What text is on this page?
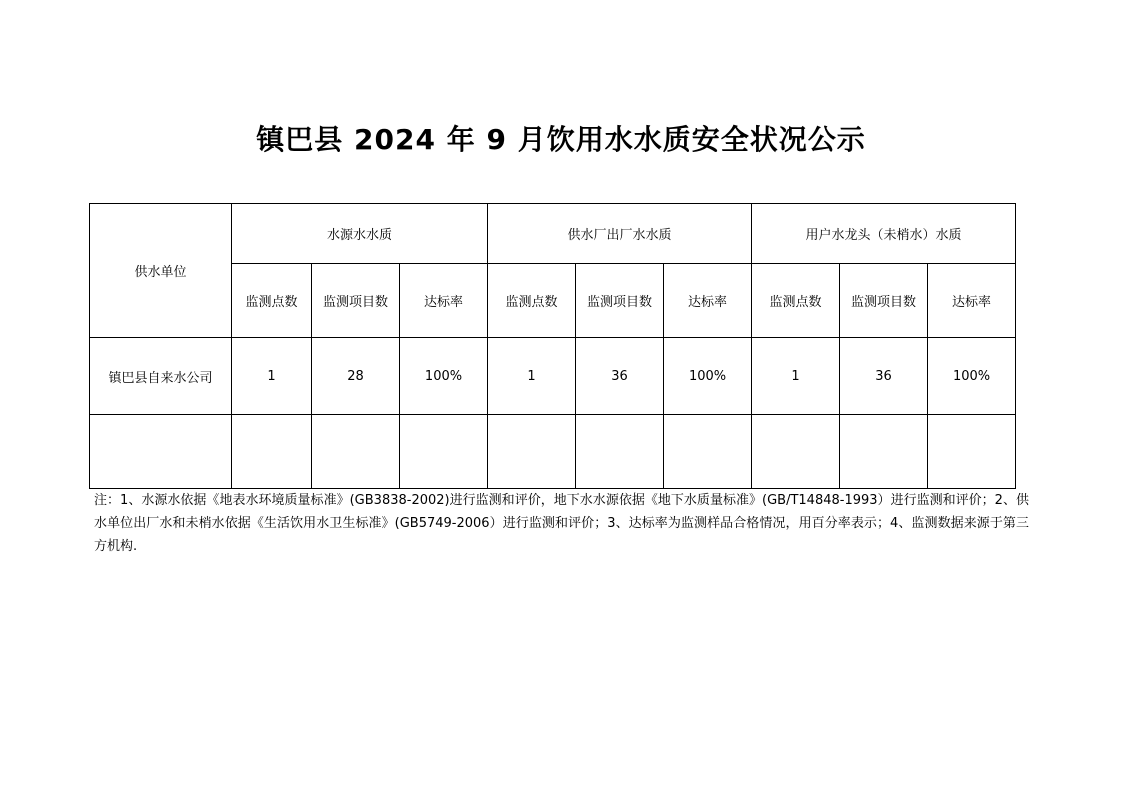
镇巴县 2024 年 9 月饮用水水质安全状况公示
供水单位	水源水水质			供水厂出厂水水质			用户水龙头（未梢水）水质		
	监测点数	监测项目数	达标率	监测点数	监测项目数	达标率	监测点数	监测项目数	达标率
镇巴县自来水公司	1	28	100%	1	36	100%	1	36	100%

注：1、水源水依据《地表水环境质量标准》(GB3838-2002)进行监测和评价，地下水水源依据《地下水质量标准》(GB/T14848-1993）进行监测和评价；2、供水单位出厂水和未梢水依据《生活饮用水卫生标准》(GB5749-2006）进行监测和评价；3、达标率为监测样品合格情况，用百分率表示；4、监测数据来源于第三方机构.
